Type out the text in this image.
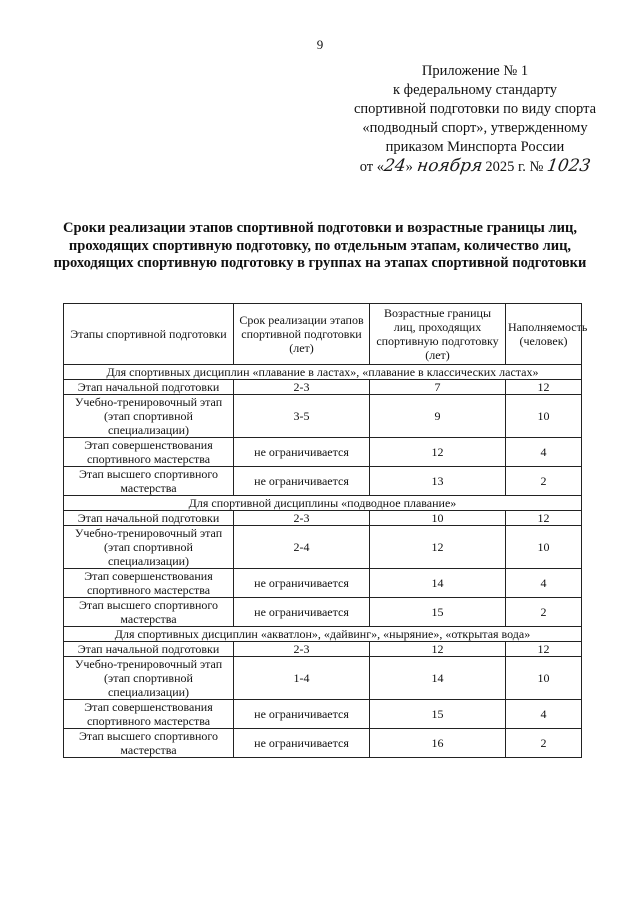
9
Приложение № 1
к федеральному стандарту
спортивной подготовки по виду спорта
«подводный спорт», утвержденному
приказом Минспорта России
от «24» ноября 2025 г. № 1023
Сроки реализации этапов спортивной подготовки и возрастные границы лиц, проходящих спортивную подготовку, по отдельным этапам, количество лиц, проходящих спортивную подготовку в группах на этапах спортивной подготовки
Этапы спортивной подготовки	Срок реализации этапов спортивной подготовки (лет)	Возрастные границы лиц, проходящих спортивную подготовку (лет)	Наполняемость (человек)
Для спортивных дисциплин «плавание в ластах», «плавание в классических ластах»			
Этап начальной подготовки	2-3	7	12
Учебно-тренировочный этап (этап спортивной специализации)	3-5	9	10
Этап совершенствования спортивного мастерства	не ограничивается	12	4
Этап высшего спортивного мастерства	не ограничивается	13	2
Для спортивной дисциплины «подводное плавание»			
Этап начальной подготовки	2-3	10	12
Учебно-тренировочный этап (этап спортивной специализации)	2-4	12	10
Этап совершенствования спортивного мастерства	не ограничивается	14	4
Этап высшего спортивного мастерства	не ограничивается	15	2
Для спортивных дисциплин «акватлон», «дайвинг», «ныряние», «открытая вода»			
Этап начальной подготовки	2-3	12	12
Учебно-тренировочный этап (этап спортивной специализации)	1-4	14	10
Этап совершенствования спортивного мастерства	не ограничивается	15	4
Этап высшего спортивного мастерства	не ограничивается	16	2
